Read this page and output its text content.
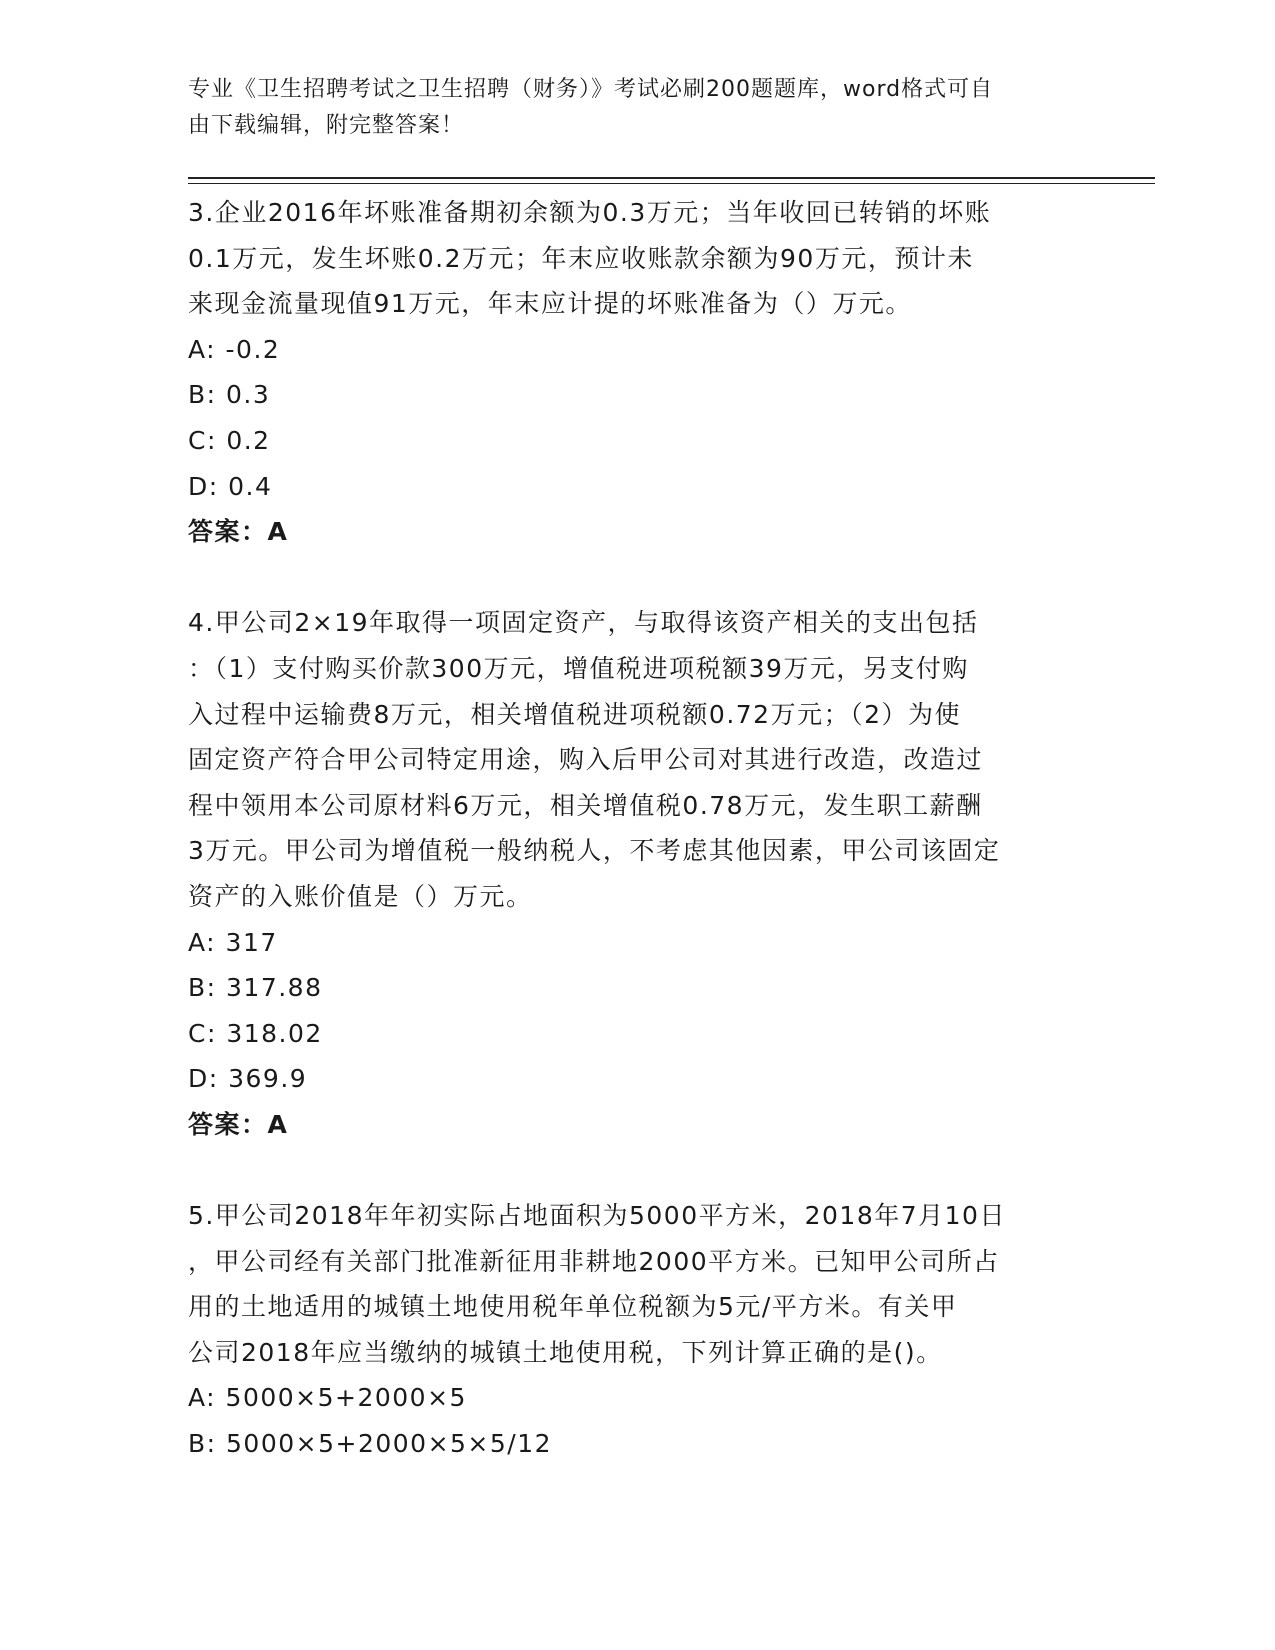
专业《卫生招聘考试之卫生招聘（财务）》考试必刷200题题库，word格式可自
由下载编辑，附完整答案！

3.企业2016年坏账准备期初余额为0.3万元；当年收回已转销的坏账

0.1万元，发生坏账0.2万元；年末应收账款余额为90万元，预计未

来现金流量现值91万元，年末应计提的坏账准备为（）万元。

A: -0.2

B: 0.3

C: 0.2

D: 0.4

答案：A

4.甲公司2×19年取得一项固定资产，与取得该资产相关的支出包括

：（1）支付购买价款300万元，增值税进项税额39万元，另支付购

入过程中运输费8万元，相关增值税进项税额0.72万元；（2）为使

固定资产符合甲公司特定用途，购入后甲公司对其进行改造，改造过

程中领用本公司原材料6万元，相关增值税0.78万元，发生职工薪酬

3万元。甲公司为增值税一般纳税人，不考虑其他因素，甲公司该固定

资产的入账价值是（）万元。

A: 317

B: 317.88

C: 318.02

D: 369.9

答案：A

5.甲公司2018年年初实际占地面积为5000平方米，2018年7月10日

，甲公司经有关部门批准新征用非耕地2000平方米。已知甲公司所占

用的土地适用的城镇土地使用税年单位税额为5元/平方米。有关甲

公司2018年应当缴纳的城镇土地使用税，下列计算正确的是()。

A: 5000×5+2000×5

B: 5000×5+2000×5×5/12
